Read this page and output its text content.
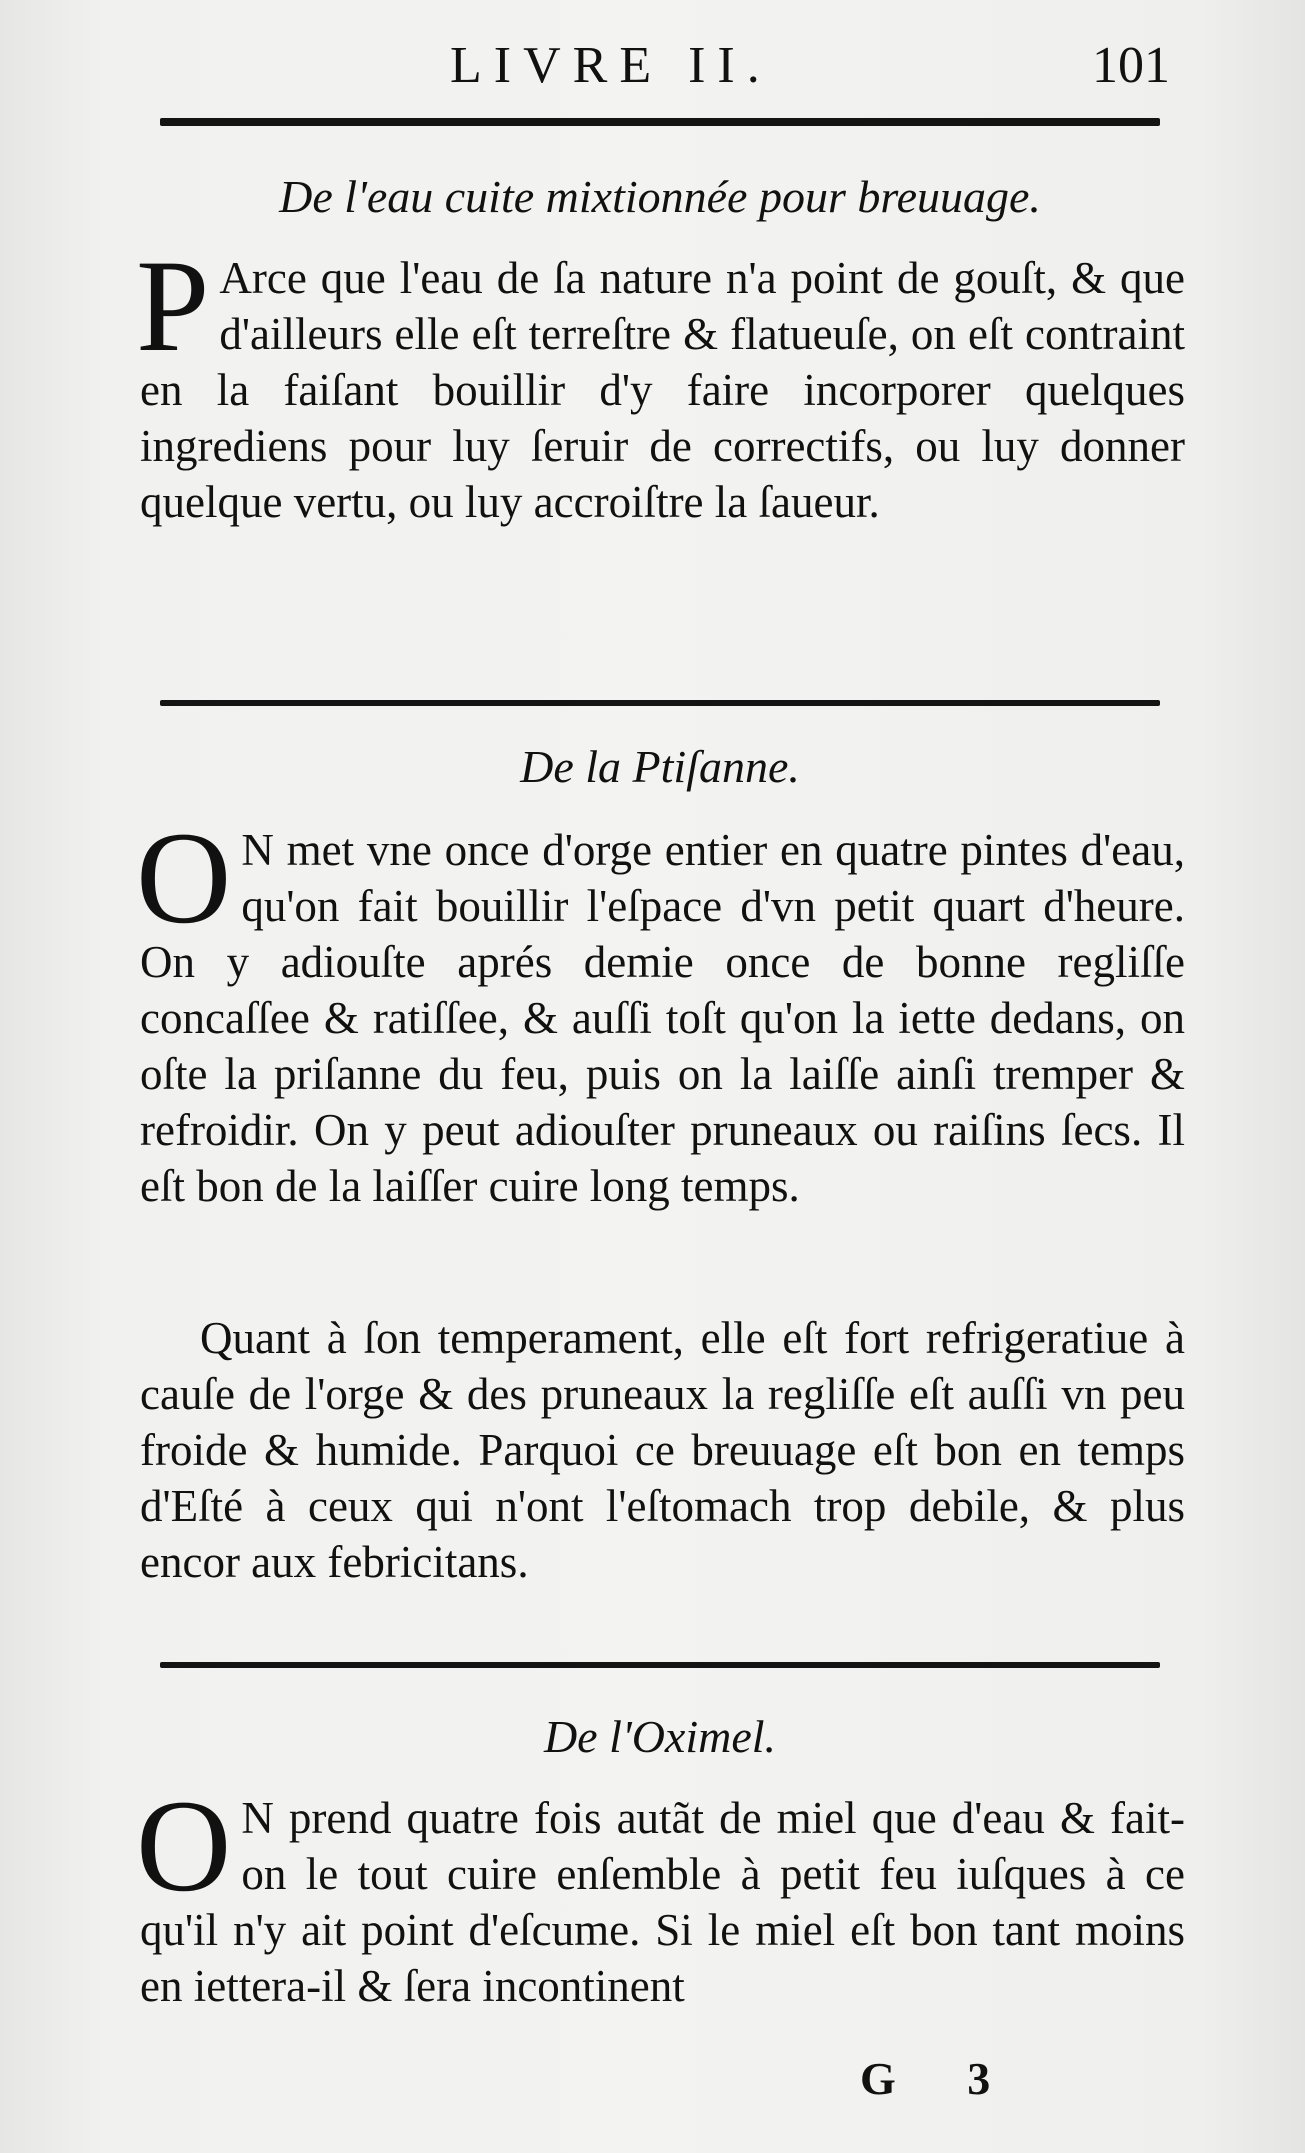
LIVRE II.	101
De l'eau cuite mixtionnée pour breuuage.

P Arce que l'eau de ſa nature n'a point de gouſt, & que d'ailleurs elle eſt terreſtre & flatueuſe, on eſt contraint en la faiſant bouillir d'y faire incorporer quelques ingrediens pour luy ſeruir de correctifs, ou luy donner quelque vertu, ou luy accroiſtre la ſaueur.

De la Ptiſanne.

O N met vne once d'orge entier en quatre pintes d'eau, qu'on fait bouillir l'eſpace d'vn petit quart d'heure. On y adiouſte aprés demie once de bonne regliſſe concaſſee & ratiſſee, & auſſi toſt qu'on la iette dedans, on oſte la priſanne du feu, puis on la laiſſe ainſi tremper & refroidir. On y peut adiouſter pruneaux ou raiſins ſecs. Il eſt bon de la laiſſer cuire long temps.

Quant à ſon temperament, elle eſt fort refrigeratiue à cauſe de l'orge & des pruneaux la regliſſe eſt auſſi vn peu froide & humide. Parquoi ce breuuage eſt bon en temps d'Eſté à ceux qui n'ont l'eſtomach trop debile, & plus encor aux febricitans.

De l'Oximel.

O N prend quatre fois autãt de miel que d'eau & fait-on le tout cuire enſemble à petit feu iuſques à ce qu'il n'y ait point d'eſcume. Si le miel eſt bon tant moins en iettera-il & ſera incontinent

G 3
